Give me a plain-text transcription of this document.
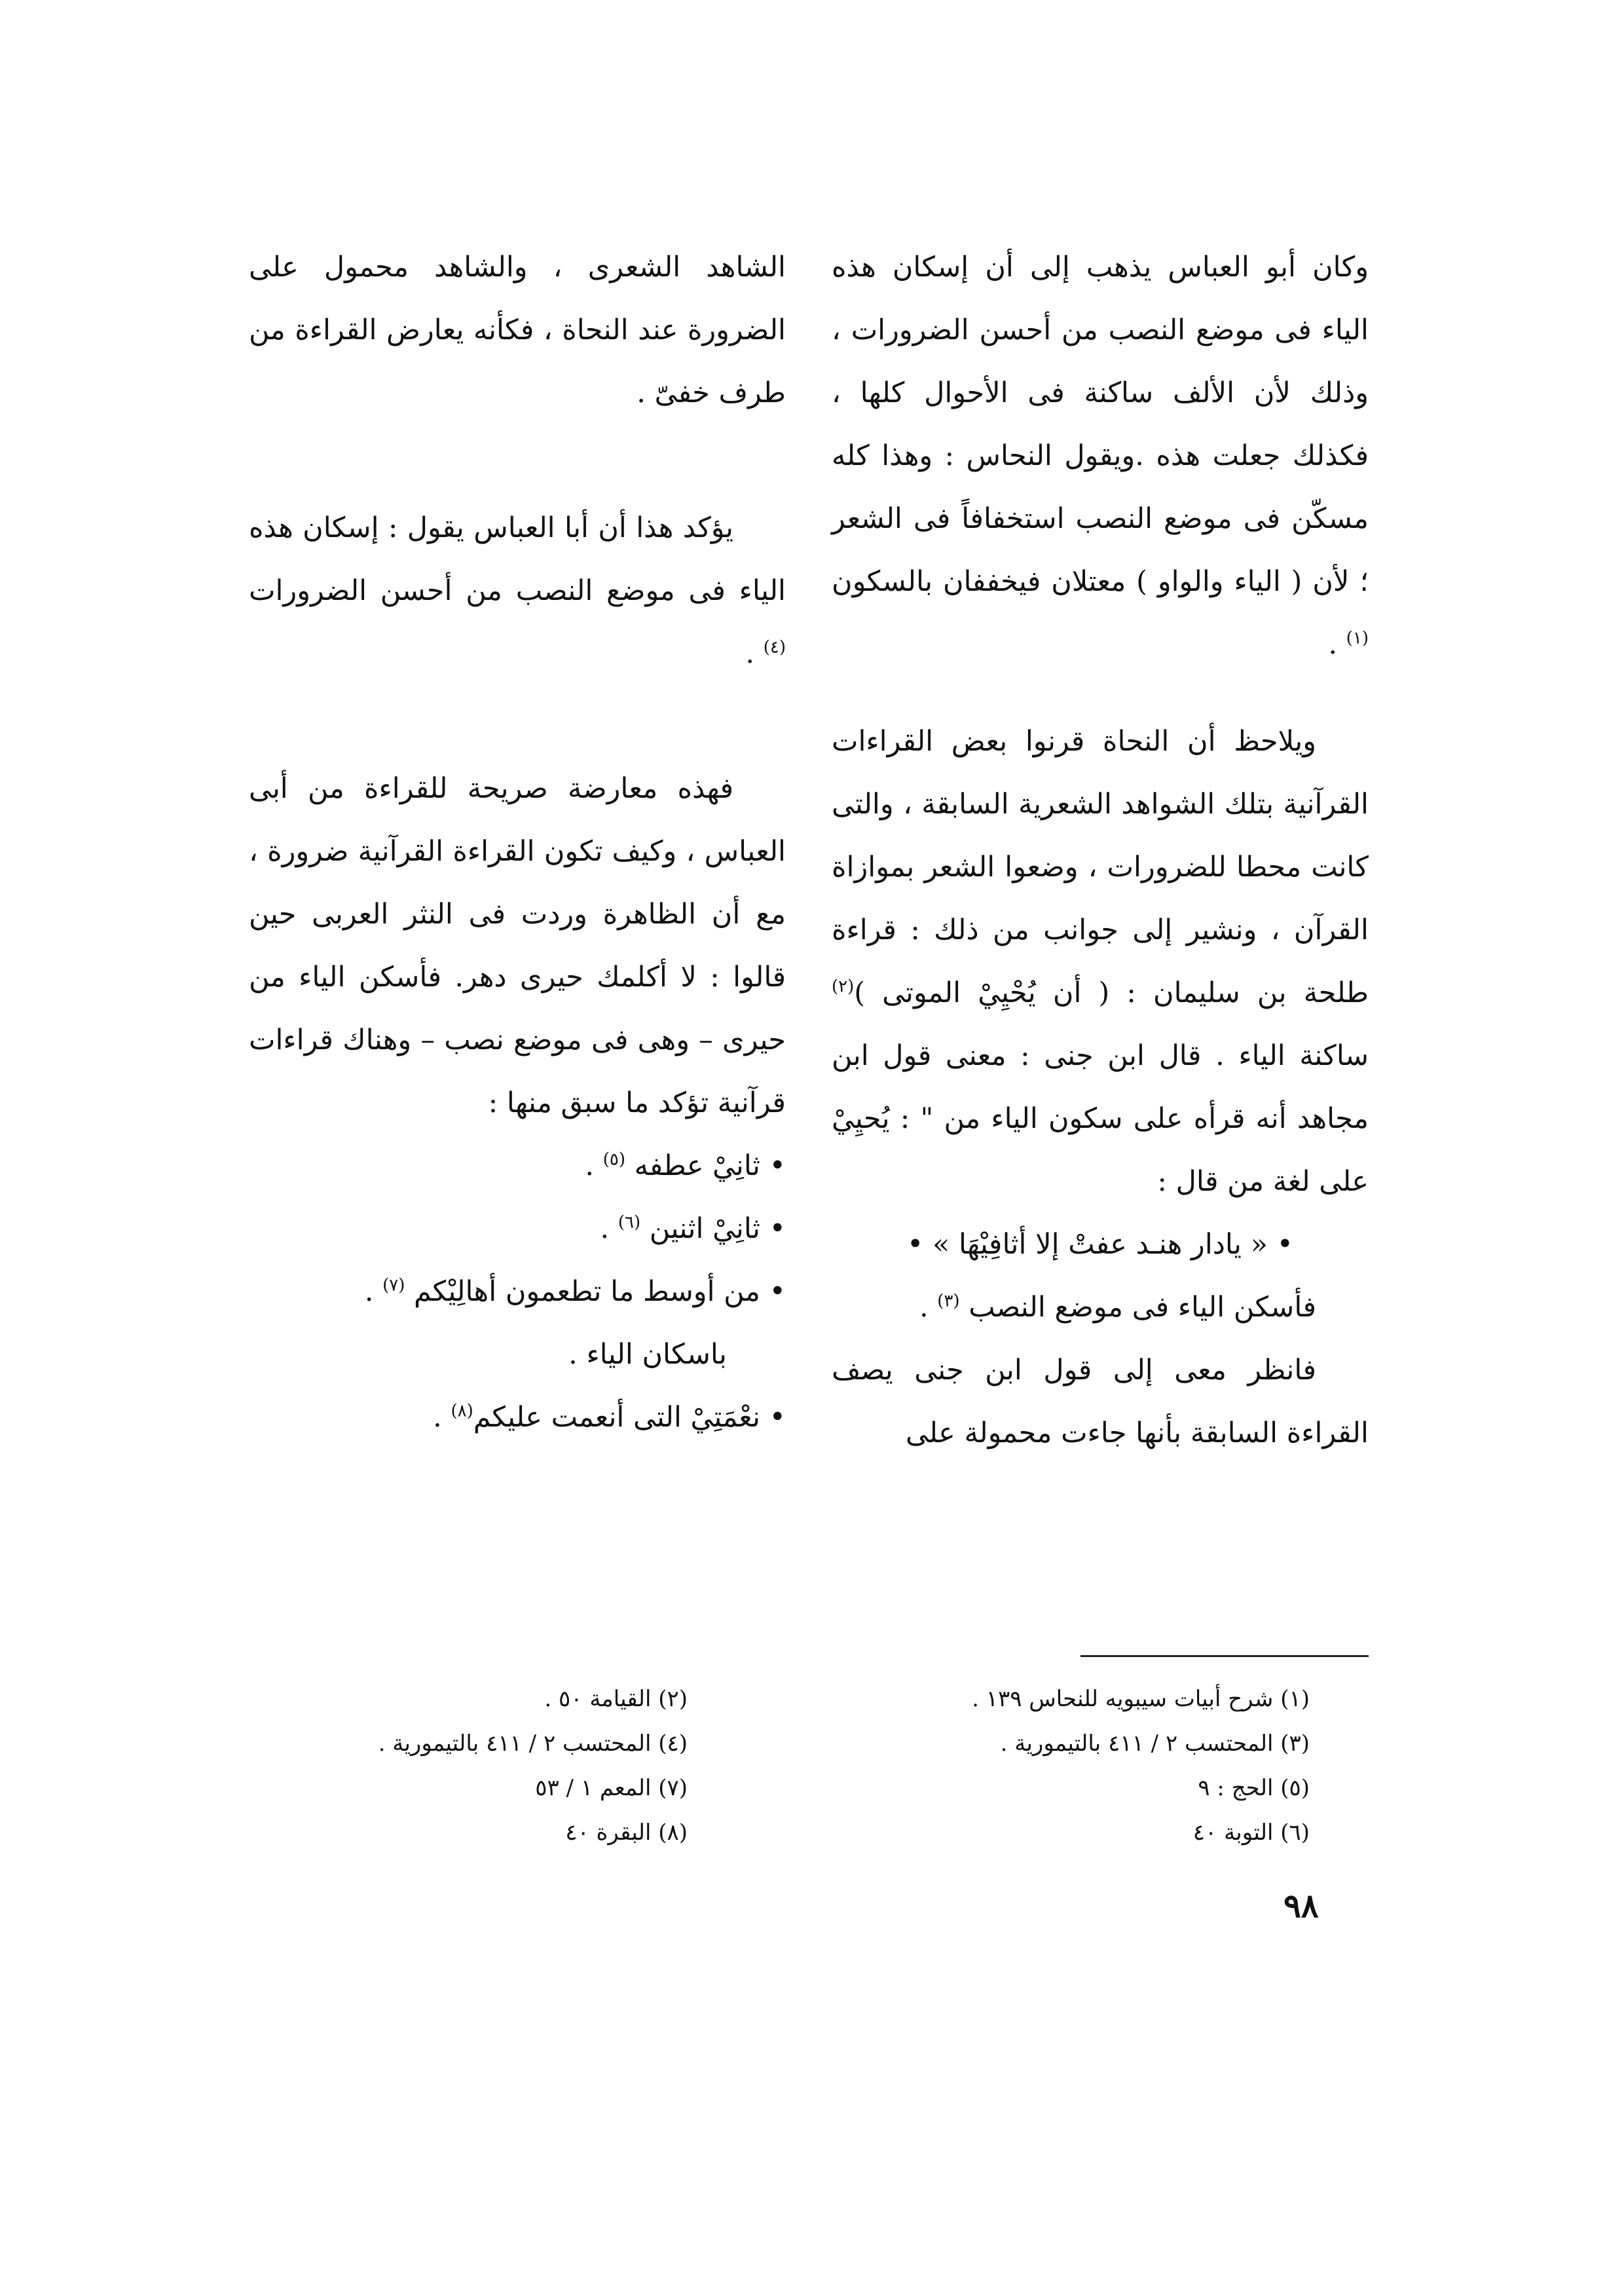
وكان أبو العباس يذهب إلى أن إسكان هذه الياء فى موضع النصب من أحسن الضرورات ، وذلك لأن الألف ساكنة فى الأحوال كلها ، فكذلك جعلت هذه .ويقول النحاس : وهذا كله مسكّن فى موضع النصب استخفافاً فى الشعر ؛ لأن ( الياء والواو ) معتلان فيخففان بالسكون $^{(١)}$ .

ويلاحظ أن النحاة قرنوا بعض القراءات القرآنية بتلك الشواهد الشعرية السابقة ، والتى كانت محطا للضرورات ، وضعوا الشعر بموازاة القرآن ، ونشير إلى جوانب من ذلك : قراءة طلحة بن سليمان : ( أن يُحْيِيْ الموتى )$^{(٢)}$ ساكنة الياء . قال ابن جنى : معنى قول ابن مجاهد أنه قرأه على سكون الياء من " : يُحيِيْ على لغة من قال :

• « يادار هنـد عفتْ إلا أثافِيْهَا » •

فأسكن الياء فى موضع النصب $^{(٣)}$ .

فانظر معى إلى قول ابن جنى يصف القراءة السابقة بأنها جاءت محمولة على

الشاهد الشعرى ، والشاهد محمول على الضرورة عند النحاة ، فكأنه يعارض القراءة من طرف خفىّ .

يؤكد هذا أن أبا العباس يقول : إسكان هذه الياء فى موضع النصب من أحسن الضرورات $^{(٤)}$ .

فهذه معارضة صريحة للقراءة من أبى العباس ، وكيف تكون القراءة القرآنية ضرورة ، مع أن الظاهرة وردت فى النثر العربى حين قالوا : لا أكلمك حيرى دهر. فأسكن الياء من حيرى – وهى فى موضع نصب – وهناك قراءات قرآنية تؤكد ما سبق منها :

• ثانِيْ عطفه $^{(٥)}$ .

• ثانِيْ اثنين $^{(٦)}$ .

• من أوسط ما تطعمون أهالِيْكم $^{(٧)}$ .

باسكان الياء .

• نعْمَتِيْ التى أنعمت عليكم$^{(٨)}$ .

(١) شرح أبيات سيبويه للنحاس ١٣٩ .
(٣) المحتسب ٢ / ٤١١ بالتيمورية .
(٥) الحج : ٩
(٦) التوبة ٤٠
(٢) القيامة ٥٠ .
(٤) المحتسب ٢ / ٤١١ بالتيمورية .
(٧) المعم ١ / ٥٣
(٨) البقرة ٤٠
٩٨
